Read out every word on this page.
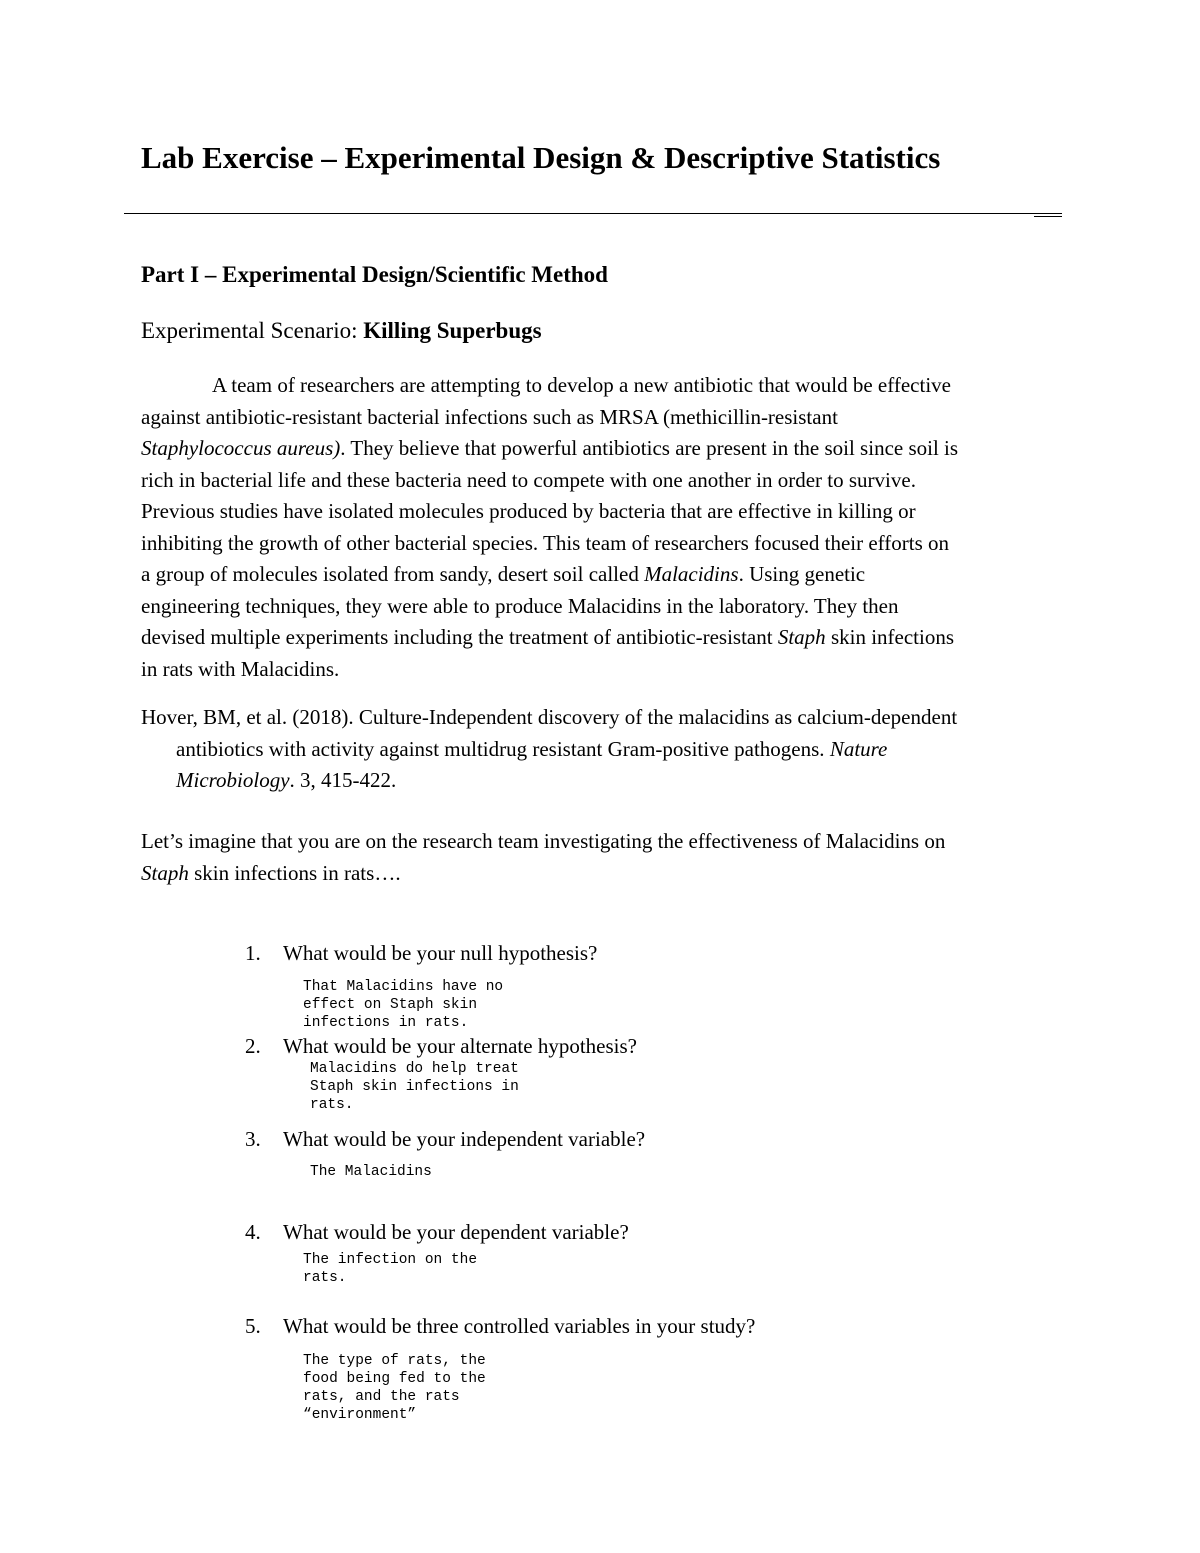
Lab Exercise – Experimental Design & Descriptive Statistics
Part I – Experimental Design/Scientific Method
Experimental Scenario: Killing Superbugs
A team of researchers are attempting to develop a new antibiotic that would be effective
against antibiotic-resistant bacterial infections such as MRSA (methicillin-resistant
Staphylococcus aureus). They believe that powerful antibiotics are present in the soil since soil is
rich in bacterial life and these bacteria need to compete with one another in order to survive.
Previous studies have isolated molecules produced by bacteria that are effective in killing or
inhibiting the growth of other bacterial species. This team of researchers focused their efforts on
a group of molecules isolated from sandy, desert soil called Malacidins. Using genetic
engineering techniques, they were able to produce Malacidins in the laboratory. They then
devised multiple experiments including the treatment of antibiotic-resistant Staph skin infections
in rats with Malacidins.
Hover, BM, et al. (2018). Culture-Independent discovery of the malacidins as calcium-dependent
antibiotics with activity against multidrug resistant Gram-positive pathogens. Nature
Microbiology. 3, 415-422.
Let’s imagine that you are on the research team investigating the effectiveness of Malacidins on
Staph skin infections in rats….
1. What would be your null hypothesis?
That Malacidins have no
effect on Staph skin
infections in rats.
2. What would be your alternate hypothesis?
Malacidins do help treat
Staph skin infections in
rats.
3. What would be your independent variable?
The Malacidins
4. What would be your dependent variable?
The infection on the
rats.
5. What would be three controlled variables in your study?
The type of rats, the
food being fed to the
rats, and the rats
“environment”
